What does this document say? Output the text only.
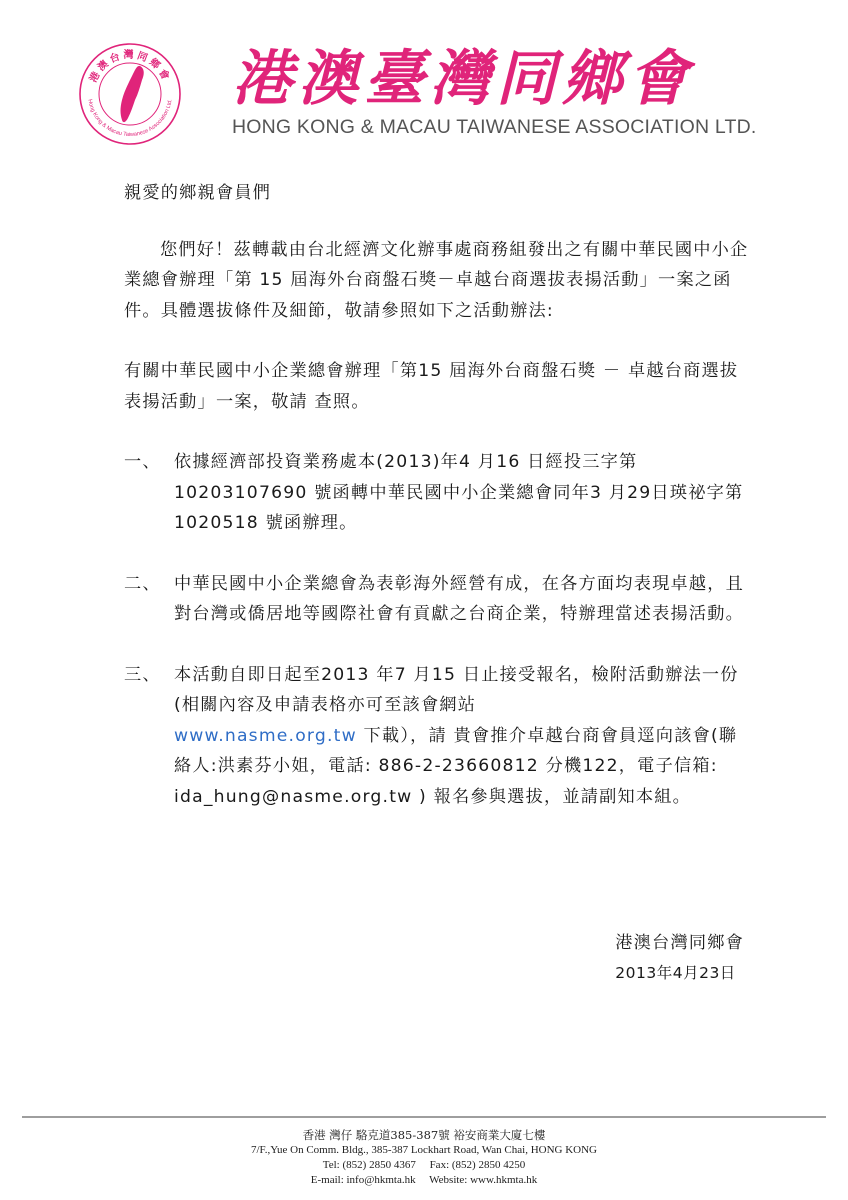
港澳台灣同鄉會
Hong Kong & Macau Taiwanese Association Ltd. 港澳臺灣同鄉會
HONG KONG & MACAU TAIWANESE ASSOCIATION LTD.

親愛的鄉親會員們

您們好！茲轉載由台北經濟文化辦事處商務組發出之有關中華民國中小企業總會辦理「第 15 屆海外台商盤石獎－卓越台商選拔表揚活動」一案之函件。具體選拔條件及細節，敬請參照如下之活動辦法:

有關中華民國中小企業總會辦理「第15 屆海外台商盤石獎 － 卓越台商選拔表揚活動」一案，敬請 查照。

一、 依據經濟部投資業務處本(2013)年4 月16 日經投三字第10203107690 號函轉中華民國中小企業總會同年3 月29日瑛祕字第1020518 號函辦理。
二、 中華民國中小企業總會為表彰海外經營有成，在各方面均表現卓越，且對台灣或僑居地等國際社會有貢獻之台商企業，特辦理當述表揚活動。
三、 本活動自即日起至2013 年7 月15 日止接受報名，檢附活動辦法一份(相關內容及申請表格亦可至該會網站
www.nasme.org.tw 下載），請 貴會推介卓越台商會員逕向該會(聯絡人:洪素芬小姐，電話: 886-2-23660812 分機122，電子信箱: ida_hung@nasme.org.tw ) 報名參與選拔，並請副知本組。
港澳台灣同鄉會
2013年4月23日
香港 灣仔 駱克道385-387號 裕安商業大廈七樓
7/F.,Yue On Comm. Bldg., 385-387 Lockhart Road, Wan Chai, HONG KONG
Tel: (852) 2850 4367     Fax: (852) 2850 4250
E-mail: info@hkmta.hk     Website: www.hkmta.hk
